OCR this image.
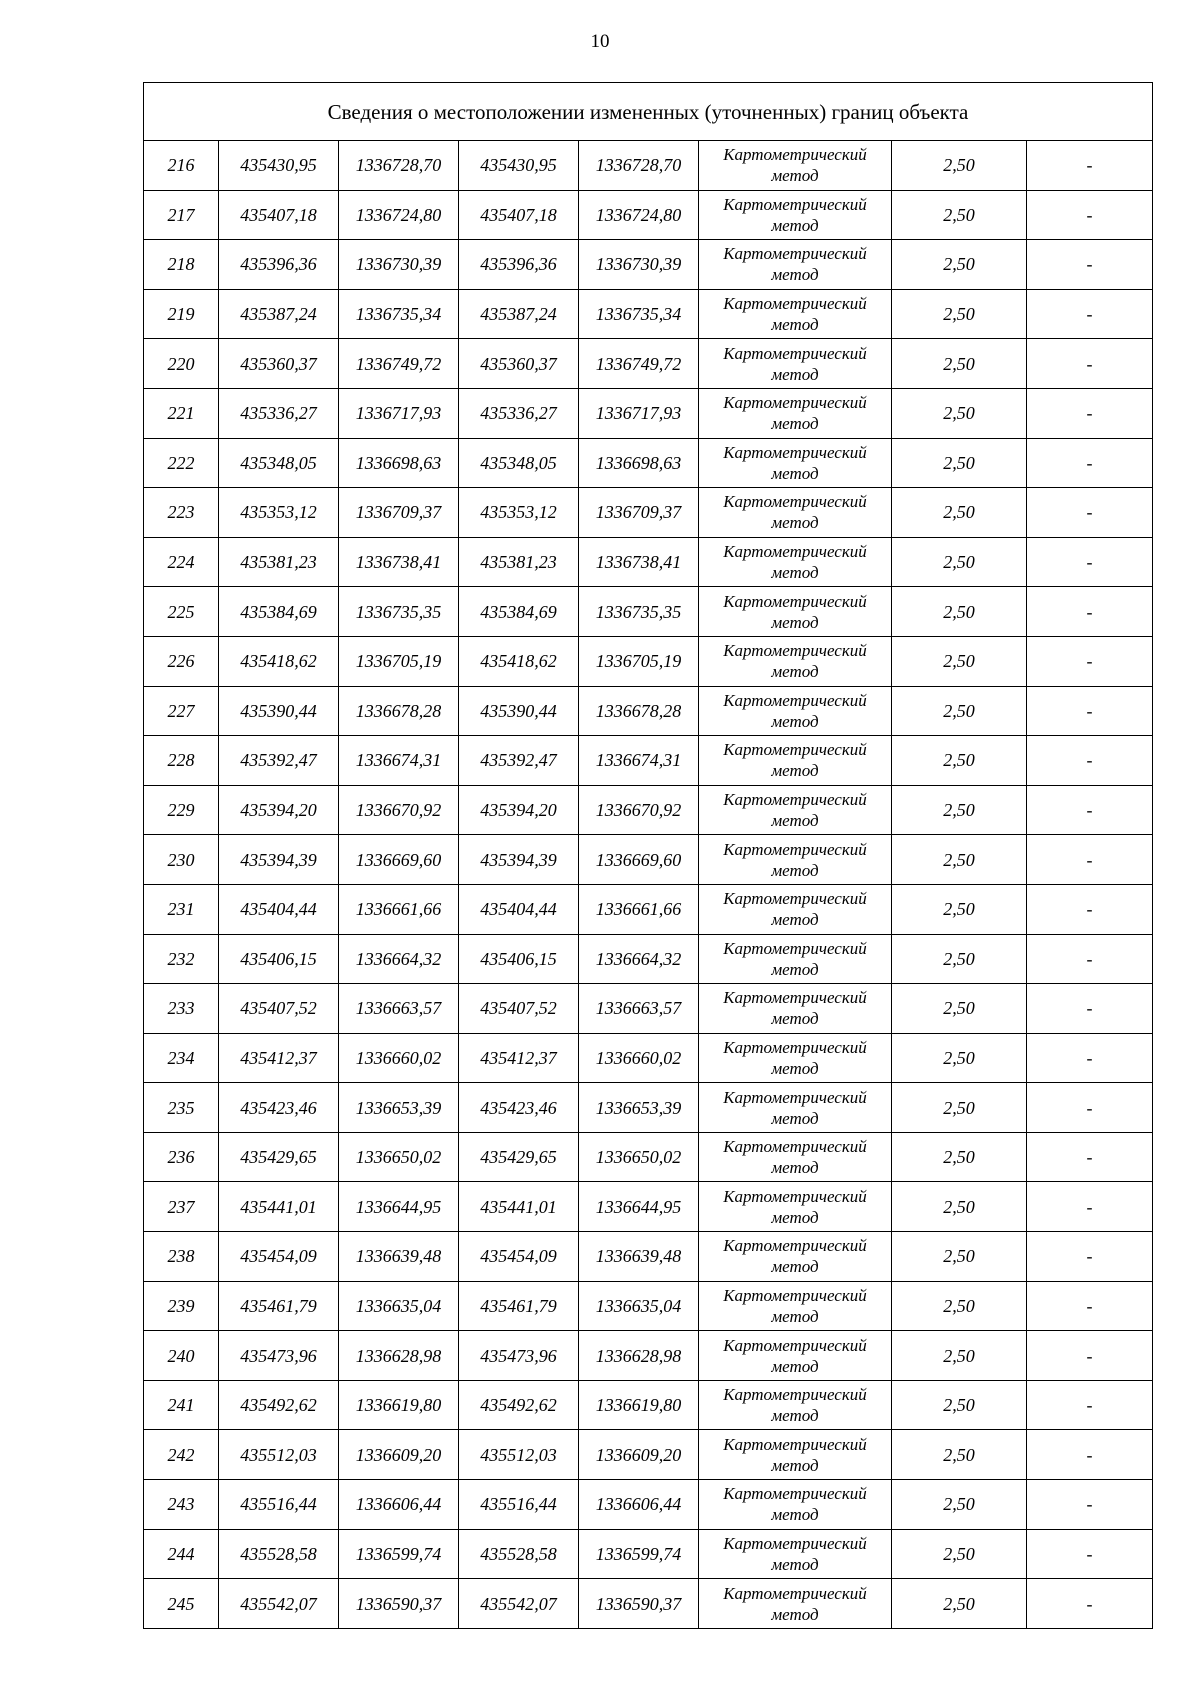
10
Сведения о местоположении измененных (уточненных) границ объекта							
216	435430,95	1336728,70	435430,95	1336728,70	Картометрический метод	2,50	-
217	435407,18	1336724,80	435407,18	1336724,80	Картометрический метод	2,50	-
218	435396,36	1336730,39	435396,36	1336730,39	Картометрический метод	2,50	-
219	435387,24	1336735,34	435387,24	1336735,34	Картометрический метод	2,50	-
220	435360,37	1336749,72	435360,37	1336749,72	Картометрический метод	2,50	-
221	435336,27	1336717,93	435336,27	1336717,93	Картометрический метод	2,50	-
222	435348,05	1336698,63	435348,05	1336698,63	Картометрический метод	2,50	-
223	435353,12	1336709,37	435353,12	1336709,37	Картометрический метод	2,50	-
224	435381,23	1336738,41	435381,23	1336738,41	Картометрический метод	2,50	-
225	435384,69	1336735,35	435384,69	1336735,35	Картометрический метод	2,50	-
226	435418,62	1336705,19	435418,62	1336705,19	Картометрический метод	2,50	-
227	435390,44	1336678,28	435390,44	1336678,28	Картометрический метод	2,50	-
228	435392,47	1336674,31	435392,47	1336674,31	Картометрический метод	2,50	-
229	435394,20	1336670,92	435394,20	1336670,92	Картометрический метод	2,50	-
230	435394,39	1336669,60	435394,39	1336669,60	Картометрический метод	2,50	-
231	435404,44	1336661,66	435404,44	1336661,66	Картометрический метод	2,50	-
232	435406,15	1336664,32	435406,15	1336664,32	Картометрический метод	2,50	-
233	435407,52	1336663,57	435407,52	1336663,57	Картометрический метод	2,50	-
234	435412,37	1336660,02	435412,37	1336660,02	Картометрический метод	2,50	-
235	435423,46	1336653,39	435423,46	1336653,39	Картометрический метод	2,50	-
236	435429,65	1336650,02	435429,65	1336650,02	Картометрический метод	2,50	-
237	435441,01	1336644,95	435441,01	1336644,95	Картометрический метод	2,50	-
238	435454,09	1336639,48	435454,09	1336639,48	Картометрический метод	2,50	-
239	435461,79	1336635,04	435461,79	1336635,04	Картометрический метод	2,50	-
240	435473,96	1336628,98	435473,96	1336628,98	Картометрический метод	2,50	-
241	435492,62	1336619,80	435492,62	1336619,80	Картометрический метод	2,50	-
242	435512,03	1336609,20	435512,03	1336609,20	Картометрический метод	2,50	-
243	435516,44	1336606,44	435516,44	1336606,44	Картометрический метод	2,50	-
244	435528,58	1336599,74	435528,58	1336599,74	Картометрический метод	2,50	-
245	435542,07	1336590,37	435542,07	1336590,37	Картометрический метод	2,50	-
